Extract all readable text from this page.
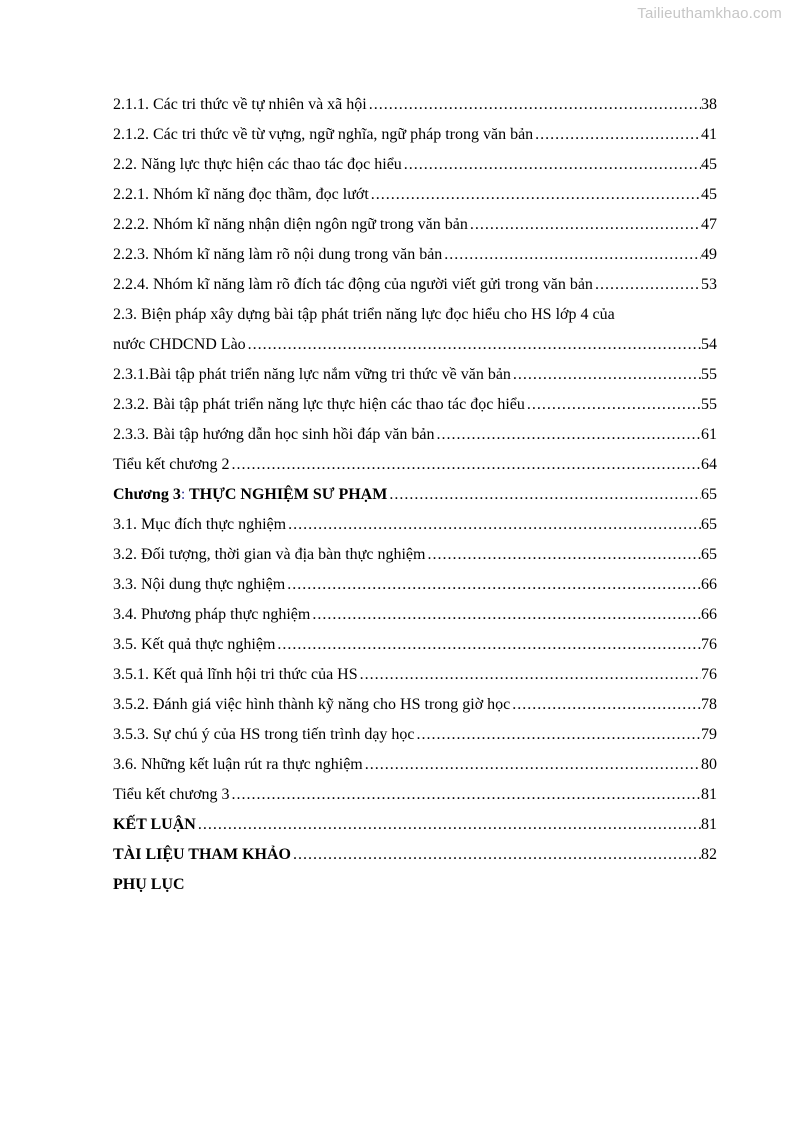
Tailieuthamkhao.com
2.1.1. Các tri thức về tự nhiên và xã hội .....	38
2.1.2. Các tri thức về từ vựng, ngữ nghĩa, ngữ pháp trong văn bản .....	41
2.2. Năng lực thực hiện các thao tác đọc hiểu .....	45
2.2.1. Nhóm kĩ năng đọc thầm, đọc lướt .....	45
2.2.2. Nhóm kĩ năng nhận diện ngôn ngữ trong văn bản .....	47
2.2.3. Nhóm kĩ năng làm rõ nội dung trong văn bản .....	49
2.2.4. Nhóm kĩ năng làm rõ đích tác động của người viết gửi trong văn bản .....	53
2.3. Biện pháp xây dựng bài tập phát triển năng lực đọc hiểu cho HS lớp 4 của
nước CHDCND Lào .....	54
2.3.1.Bài tập phát triển năng lực nắm vững tri thức về văn bản .....	55
2.3.2. Bài tập phát triển năng lực thực hiện các thao tác đọc hiểu .....	55
2.3.3. Bài tập hướng dẫn học sinh hồi đáp văn bản .....	61
Tiểu kết chương 2 .....	64
Chương 3: THỰC NGHIỆM SƯ PHẠM .....	65
3.1. Mục đích thực nghiệm .....	65
3.2. Đối tượng, thời gian và địa bàn thực nghiệm .....	65
3.3. Nội dung thực nghiệm .....	66
3.4. Phương pháp thực nghiệm .....	66
3.5. Kết quả thực nghiệm .....	76
3.5.1. Kết quả lĩnh hội tri thức của HS .....	76
3.5.2. Đánh giá việc hình thành kỹ năng cho HS trong giờ học .....	78
3.5.3. Sự chú ý của HS trong tiến trình dạy học .....	79
3.6. Những kết luận rút ra thực nghiệm .....	80
Tiểu kết chương 3 .....	81
KẾT LUẬN .....	81
TÀI LIỆU THAM KHẢO .....	82
PHỤ LỤC
